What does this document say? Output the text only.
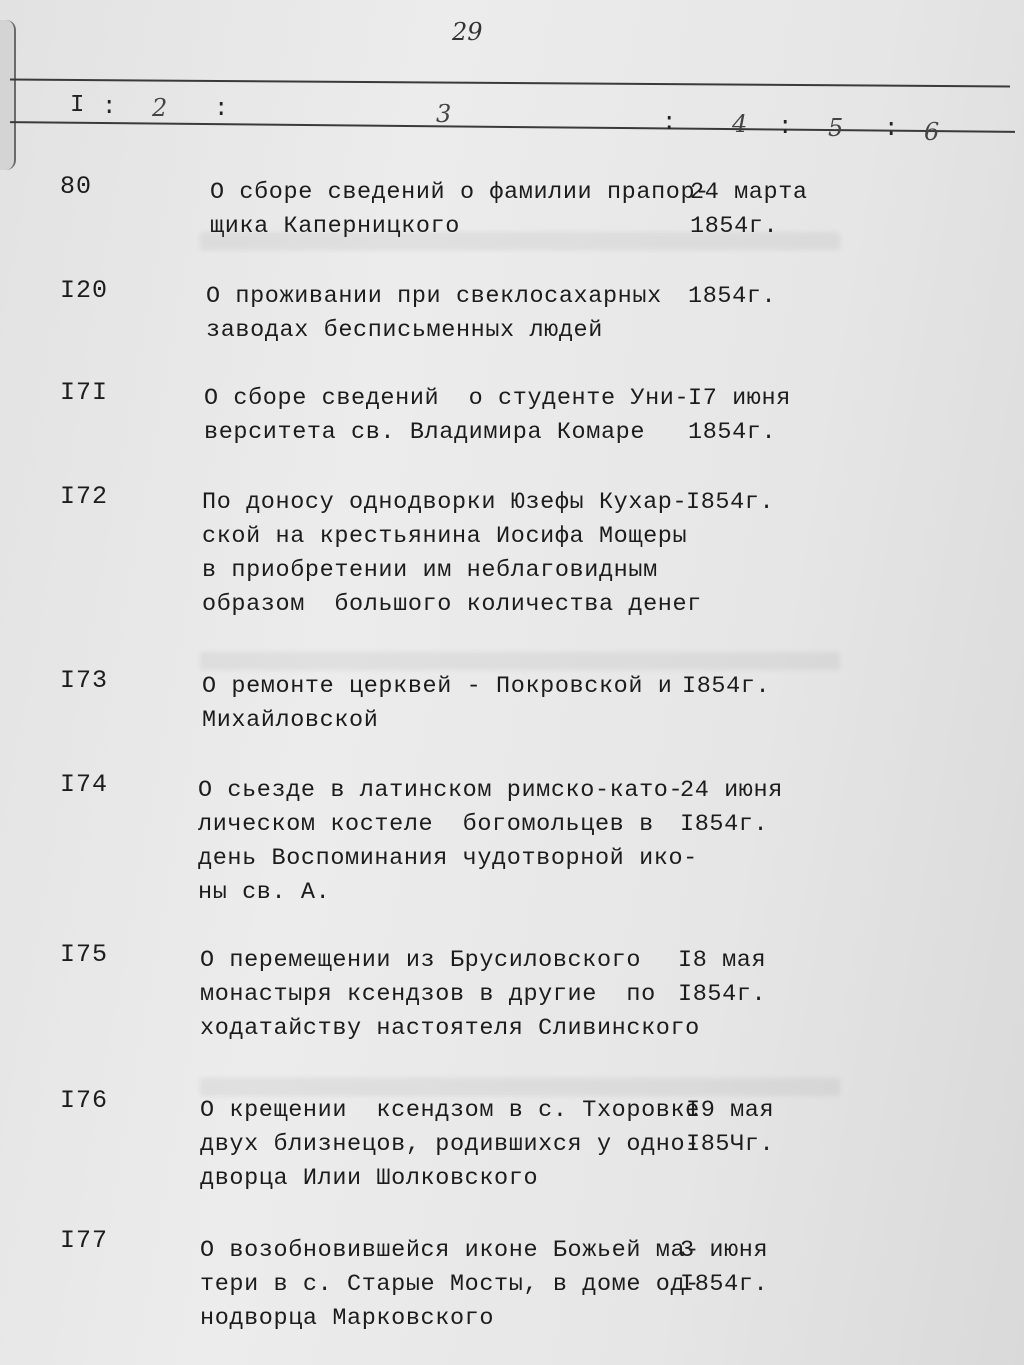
29
I : 2 :	3	: 4 : 5 : 6
80	О сборе сведений о фамилии прапор-
щика Каперницкого
24 марта
1854г.
I20	О проживании при свеклосахарных
заводах бесписьменных людей
1854г.
I7I	О сборе сведений  о студенте Уни-
верситета св. Владимира Комаре
I7 июня
1854г.
I72	По доносу однодворки Юзефы Кухар-
ской на крестьянина Иосифа Мощеры
в приобретении им неблаговидным
образом  большого количества денег
I854г.
I73	О ремонте церквей - Покровской и
Михайловской
I854г.
I74	О сьезде в латинском римско-като-
лическом костеле  богомольцев в
день Воспоминания чудотворной ико-
ны св. А.
24 июня
I854г.
I75	О перемещении из Брусиловского
монастыря ксендзов в другие  по
ходатайству настоятеля Сливинского
I8 мая
I854г.
I76	О крещении  ксендзом в с. Тхоровке
двух близнецов, родившихся у одно-
дворца Илии Шолковского
I9 мая
I85Чг.
I77	О возобновившейся иконе Божьей ма-
тери в с. Старые Мосты, в доме од-
нодворца Марковского
3 июня
I854г.
